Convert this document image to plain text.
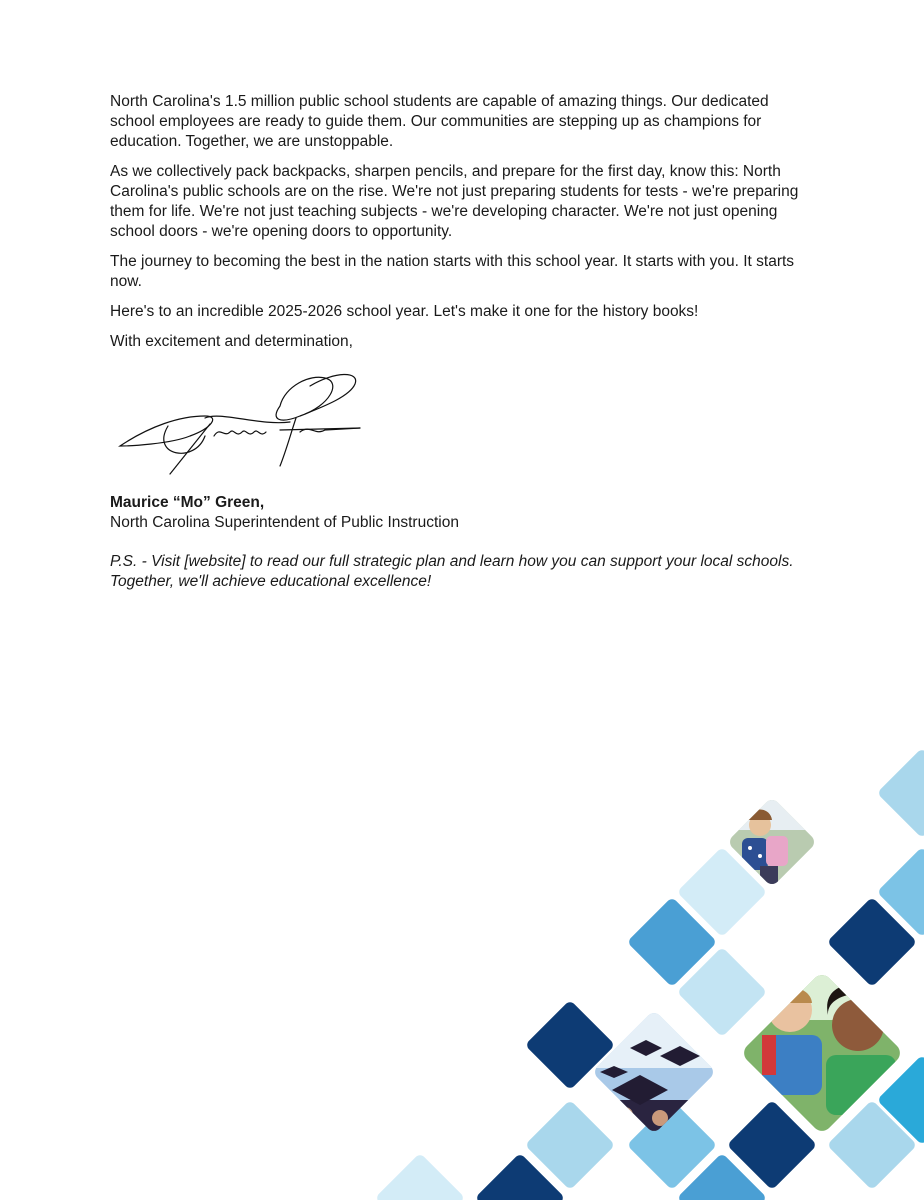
North Carolina's 1.5 million public school students are capable of amazing things. Our dedicated school employees are ready to guide them. Our communities are stepping up as champions for education. Together, we are unstoppable.

As we collectively pack backpacks, sharpen pencils, and prepare for the first day, know this: North Carolina's public schools are on the rise. We're not just preparing students for tests - we're preparing them for life. We're not just teaching subjects - we're developing character. We're not just opening school doors - we're opening doors to opportunity.

The journey to becoming the best in the nation starts with this school year. It starts with you. It starts now.

Here's to an incredible 2025-2026 school year. Let's make it one for the history books!

With excitement and determination,

Maurice “Mo” Green,
North Carolina Superintendent of Public Instruction
P.S. - Visit [website] to read our full strategic plan and learn how you can support your local schools. Together, we'll achieve educational excellence!
